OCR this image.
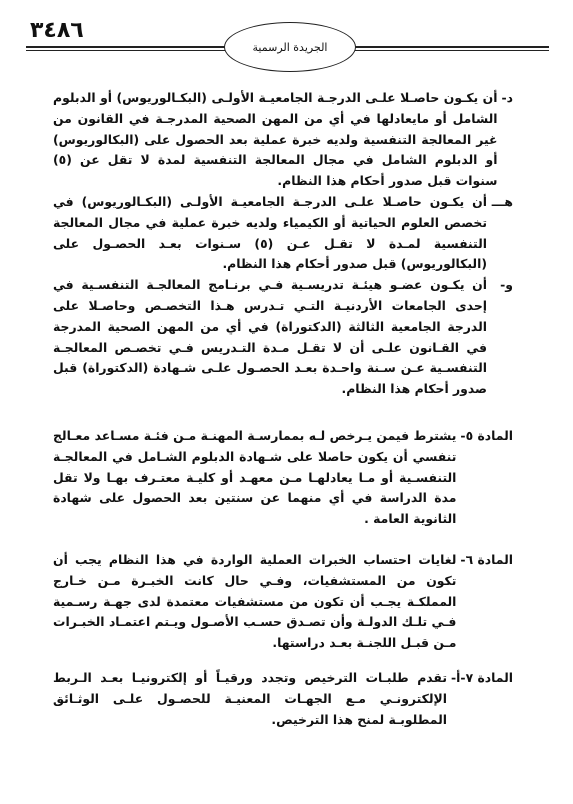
٣٤٨٦
الجريدة الرسمية
د-

أن يكـون حاصـلا علـى الدرجـة الجامعيـة الأولـى (البكـالوريوس) أو الدبلوم الشامل أو مايعادلها في أي من المهن الصحية المدرجـة في القانون من غير المعالجة التنفسية ولديه خبرة عملية بعد الحصول على (البكالوريوس) أو الدبلوم الشامل في مجال المعالجة التنفسية لمدة لا تقل عن (٥) سنوات قبل صدور أحكام هذا النظام.

هـــ

أن يكـون حاصـلا علـى الدرجـة الجامعيـة الأولـى (البكـالوريوس) في تخصص العلوم الحياتية أو الكيمياء ولديه خبرة عملية في مجال المعالجة التنفسية لمـدة لا تقـل عـن (٥) سـنوات بعـد الحصـول على (البكالوريوس) قبل صدور أحكام هذا النظام.

و-

أن يكـون عضـو هيئـة تدريسـية فـي برنـامج المعالجـة التنفسـية في إحدى الجامعات الأردنيـة التـي تـدرس هـذا التخصـص وحاصـلا على الدرجة الجامعية الثالثة (الدكتوراة) في أي من المهن الصحية المدرجة في القـانون علـى أن لا تقـل مـدة التـدريس فـي تخصـص المعالجـة التنفسـية عـن سـنة واحـدة بعـد الحصـول علـى شـهادة (الدكتوراة) قبل صدور أحكام هذا النظام.

المادة ٥-

يشترط فيمن يـرخص لـه بممارسـة المهنـة مـن فئـة مسـاعد معـالج تنفسي أن يكون حاصلا على شـهادة الدبلوم الشـامل في المعالجـة التنفسـية أو مـا يعادلهـا مـن معهـد أو كليـة معتـرف بهـا ولا تقل مدة الدراسة في أي منهما عن سنتين بعد الحصول على شهادة الثانوية العامة .

المادة ٦-

لغايات احتساب الخبرات العملية الواردة في هذا النظام يجب أن تكون من المستشفيات، وفـي حال كانت الخبـرة مـن خـارج المملكـة يجـب أن تكون من مستشفيات معتمدة لدى جهـة رسـمية فـي تلـك الدولـة وأن تصـدق حسـب الأصـول ويـتم اعتمـاد الخبـرات مـن قبـل اللجنـة بعـد دراستها.

المادة ٧-أ-

تقدم طلبـات الترخيص وتجدد ورقيـاً أو إلكترونيـا بعـد الـربط الإلكترونـي مـع الجهـات المعنيـة للحصـول علـى الوثـائق المطلوبـة لمنح هذا الترخيص.
